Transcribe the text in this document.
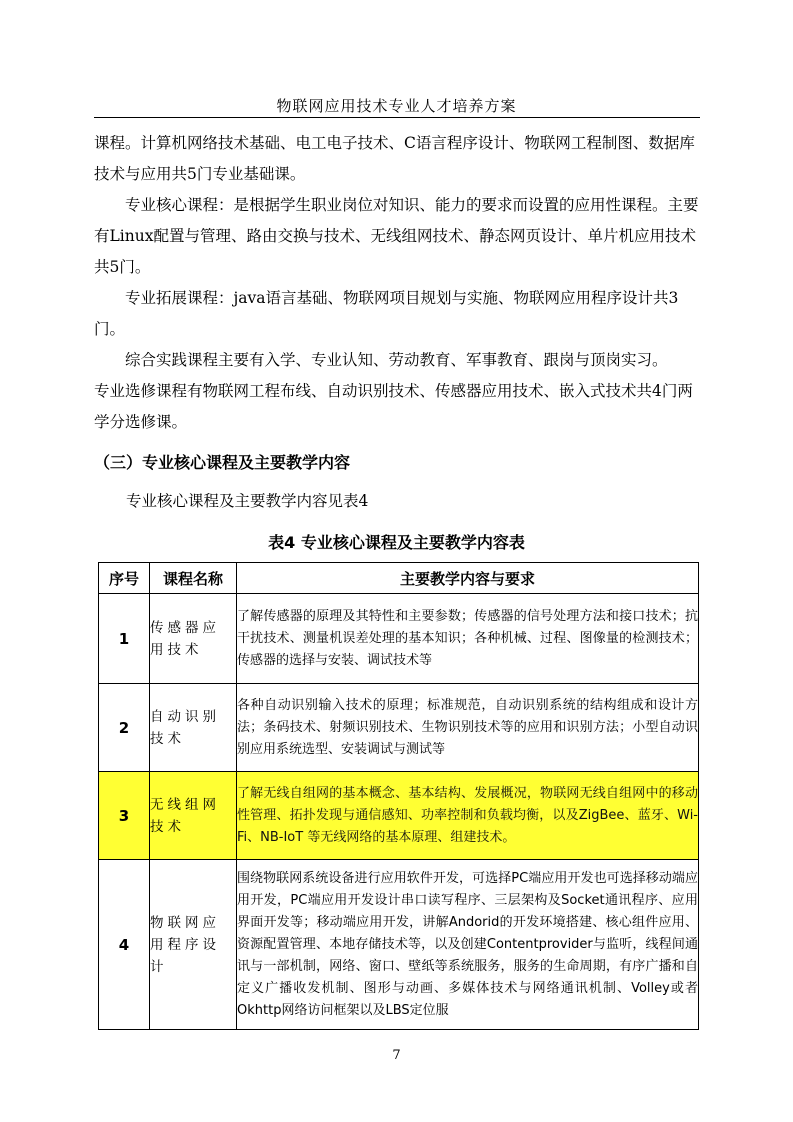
物联网应用技术专业人才培养方案

课程。计算机网络技术基础、电工电子技术、C语言程序设计、物联网工程制图、数据库技术与应用共5门专业基础课。

专业核心课程：是根据学生职业岗位对知识、能力的要求而设置的应用性课程。主要有Linux配置与管理、路由交换与技术、无线组网技术、静态网页设计、单片机应用技术共5门。

专业拓展课程：java语言基础、物联网项目规划与实施、物联网应用程序设计共3门。

综合实践课程主要有入学、专业认知、劳动教育、军事教育、跟岗与顶岗实习。

专业选修课程有物联网工程布线、自动识别技术、传感器应用技术、嵌入式技术共4门两学分选修课。

（三）专业核心课程及主要教学内容
专业核心课程及主要教学内容见表4
表4 专业核心课程及主要教学内容表
序号	课程名称	主要教学内容与要求
1	传感器应用技术	了解传感器的原理及其特性和主要参数；传感器的信号处理方法和接口技术；抗干扰技术、测量机误差处理的基本知识；各种机械、过程、图像量的检测技术；传感器的选择与安装、调试技术等
2	自动识别技术	各种自动识别输入技术的原理；标准规范，自动识别系统的结构组成和设计方法；条码技术、射频识别技术、生物识别技术等的应用和识别方法；小型自动识别应用系统选型、安装调试与测试等
3	无线组网技术	了解无线自组网的基本概念、基本结构、发展概况，物联网无线自组网中的移动性管理、拓扑发现与通信感知、功率控制和负载均衡，以及ZigBee、蓝牙、Wi-Fi、NB-IoT 等无线网络的基本原理、组建技术。
4	物联网应用程序设计	围绕物联网系统设备进行应用软件开发，可选择PC端应用开发也可选择移动端应用开发，PC端应用开发设计串口读写程序、三层架构及Socket通讯程序、应用界面开发等；移动端应用开发，讲解Andorid的开发环境搭建、核心组件应用、资源配置管理、本地存储技术等，以及创建Contentprovider与监听，线程间通讯与一部机制，网络、窗口、壁纸等系统服务，服务的生命周期，有序广播和自定义广播收发机制、图形与动画、多媒体技术与网络通讯机制、Volley或者Okhttp网络访问框架以及LBS定位服
7
